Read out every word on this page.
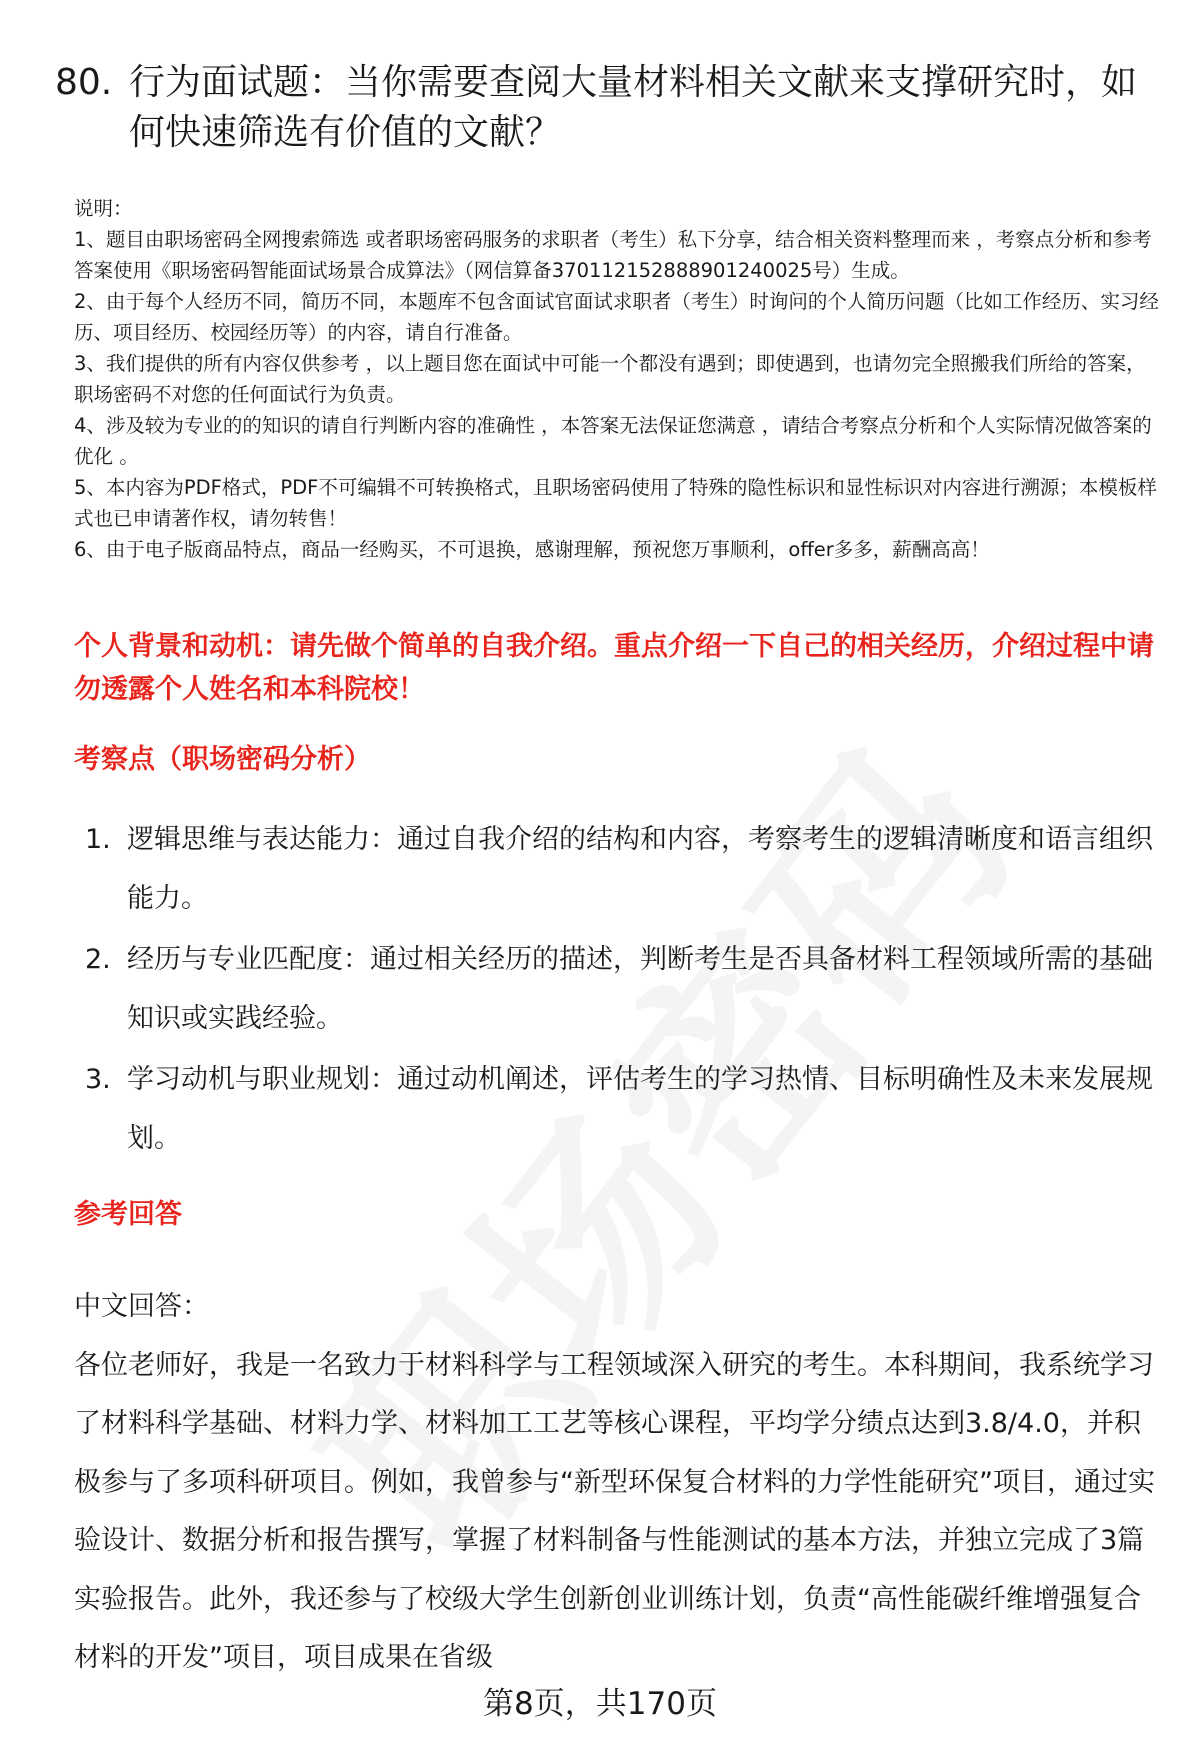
80. 行为面试题：当你需要查阅大量材料相关文献来支撑研究时，如何快速筛选有价值的文献？

说明：

1、题目由职场密码全网搜索筛选 或者职场密码服务的求职者（考生）私下分享，结合相关资料整理而来 ，考察点分析和参考答案使用《职场密码智能面试场景合成算法》（网信算备370112152888901240025号）生成。

2、由于每个人经历不同，简历不同，本题库不包含面试官面试求职者（考生）时询问的个人简历问题（比如工作经历、实习经历、项目经历、校园经历等）的内容，请自行准备。

3、我们提供的所有内容仅供参考 ，以上题目您在面试中可能一个都没有遇到；即使遇到，也请勿完全照搬我们所给的答案，职场密码不对您的任何面试行为负责。

4、涉及较为专业的的知识的请自行判断内容的准确性 ，本答案无法保证您满意 ，请结合考察点分析和个人实际情况做答案的优化 。

5、本内容为PDF格式，PDF不可编辑不可转换格式，且职场密码使用了特殊的隐性标识和显性标识对内容进行溯源；本模板样式也已申请著作权，请勿转售！

6、由于电子版商品特点，商品一经购买，不可退换，感谢理解，预祝您万事顺利，offer多多，薪酬高高！

个人背景和动机：请先做个简单的自我介绍。重点介绍一下自己的相关经历，介绍过程中请勿透露个人姓名和本科院校！
考察点（职场密码分析）
1. 逻辑思维与表达能力：通过自我介绍的结构和内容，考察考生的逻辑清晰度和语言组织能力。
2. 经历与专业匹配度：通过相关经历的描述，判断考生是否具备材料工程领域所需的基础知识或实践经验。
3. 学习动机与职业规划：通过动机阐述，评估考生的学习热情、目标明确性及未来发展规划。
参考回答

中文回答：

各位老师好，我是一名致力于材料科学与工程领域深入研究的考生。本科期间，我系统学习了材料科学基础、材料力学、材料加工工艺等核心课程，平均学分绩点达到3.8/4.0，并积极参与了多项科研项目。例如，我曾参与“新型环保复合材料的力学性能研究”项目，通过实验设计、数据分析和报告撰写，掌握了材料制备与性能测试的基本方法，并独立完成了3篇实验报告。此外，我还参与了校级大学生创新创业训练计划，负责“高性能碳纤维增强复合材料的开发”项目，项目成果在省级

第8页，共170页
